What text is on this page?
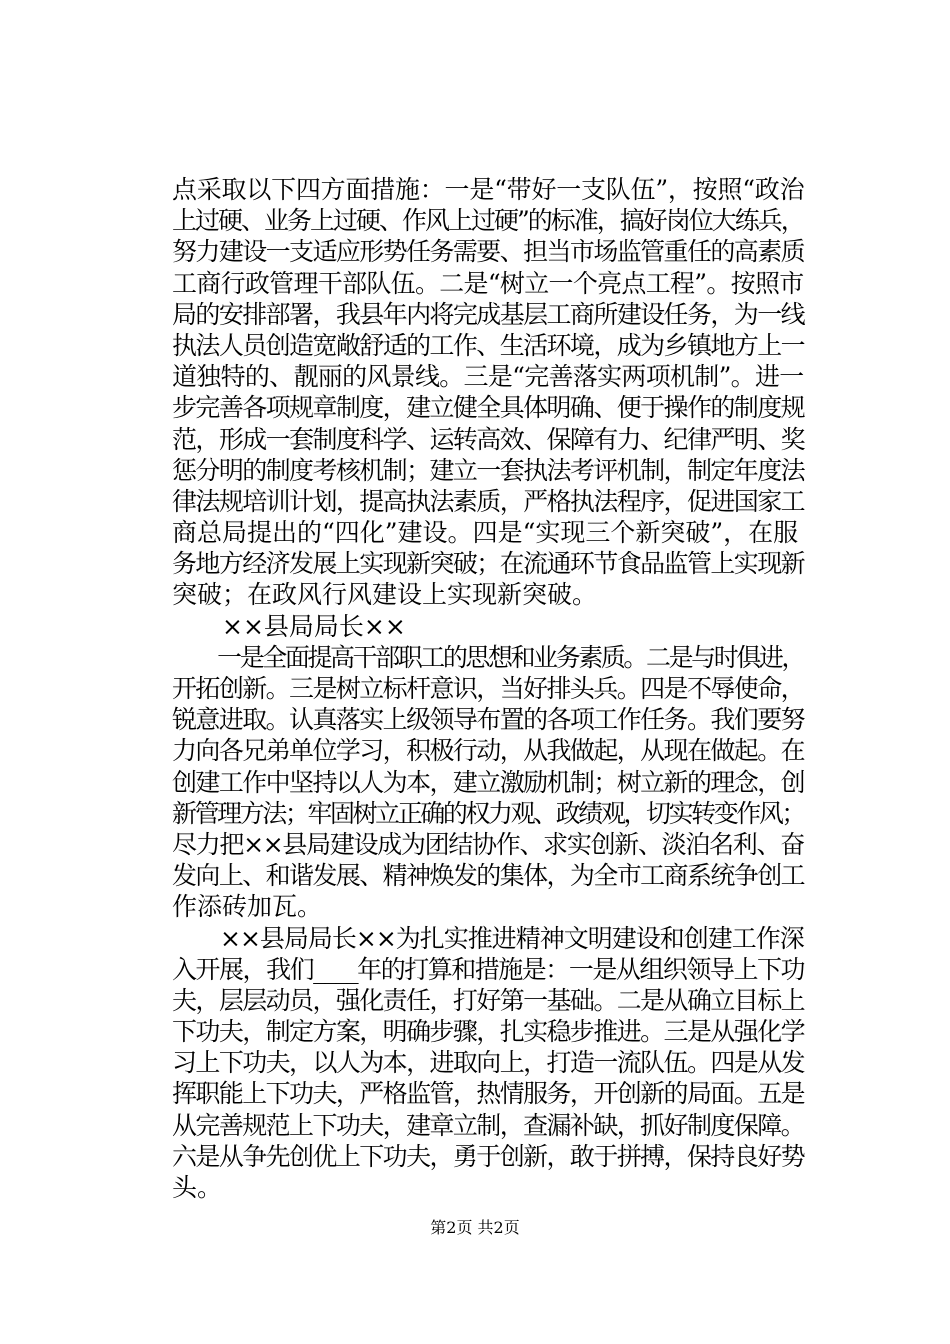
点采取以下四方面措施：一是“带好一支队伍”，按照“政治
上过硬、业务上过硬、作风上过硬”的标准，搞好岗位大练兵，
努力建设一支适应形势任务需要、担当市场监管重任的高素质
工商行政管理干部队伍。二是“树立一个亮点工程”。按照市
局的安排部署，我县年内将完成基层工商所建设任务，为一线
执法人员创造宽敞舒适的工作、生活环境，成为乡镇地方上一
道独特的、靓丽的风景线。三是“完善落实两项机制”。进一
步完善各项规章制度，建立健全具体明确、便于操作的制度规
范，形成一套制度科学、运转高效、保障有力、纪律严明、奖
惩分明的制度考核机制；建立一套执法考评机制，制定年度法
律法规培训计划，提高执法素质，严格执法程序，促进国家工
商总局提出的“四化”建设。四是“实现三个新突破”，在服
务地方经济发展上实现新突破；在流通环节食品监管上实现新
突破；在政风行风建设上实现新突破。
　　××县局局长××
　　一是全面提高干部职工的思想和业务素质。二是与时俱进，
开拓创新。三是树立标杆意识，当好排头兵。四是不辱使命，
锐意进取。认真落实上级领导布置的各项工作任务。我们要努
力向各兄弟单位学习，积极行动，从我做起，从现在做起。在
创建工作中坚持以人为本，建立激励机制；树立新的理念，创
新管理方法；牢固树立正确的权力观、政绩观，切实转变作风；
尽力把××县局建设成为团结协作、求实创新、淡泊名利、奋
发向上、和谐发展、精神焕发的集体，为全市工商系统争创工
作添砖加瓦。
　　××县局局长××为扎实推进精神文明建设和创建工作深
入开展，我们____年的打算和措施是：一是从组织领导上下功
夫，层层动员，强化责任，打好第一基础。二是从确立目标上
下功夫，制定方案，明确步骤，扎实稳步推进。三是从强化学
习上下功夫，以人为本，进取向上，打造一流队伍。四是从发
挥职能上下功夫，严格监管，热情服务，开创新的局面。五是
从完善规范上下功夫，建章立制，查漏补缺，抓好制度保障。
六是从争先创优上下功夫，勇于创新，敢于拼搏，保持良好势
头。
第2页 共2页
